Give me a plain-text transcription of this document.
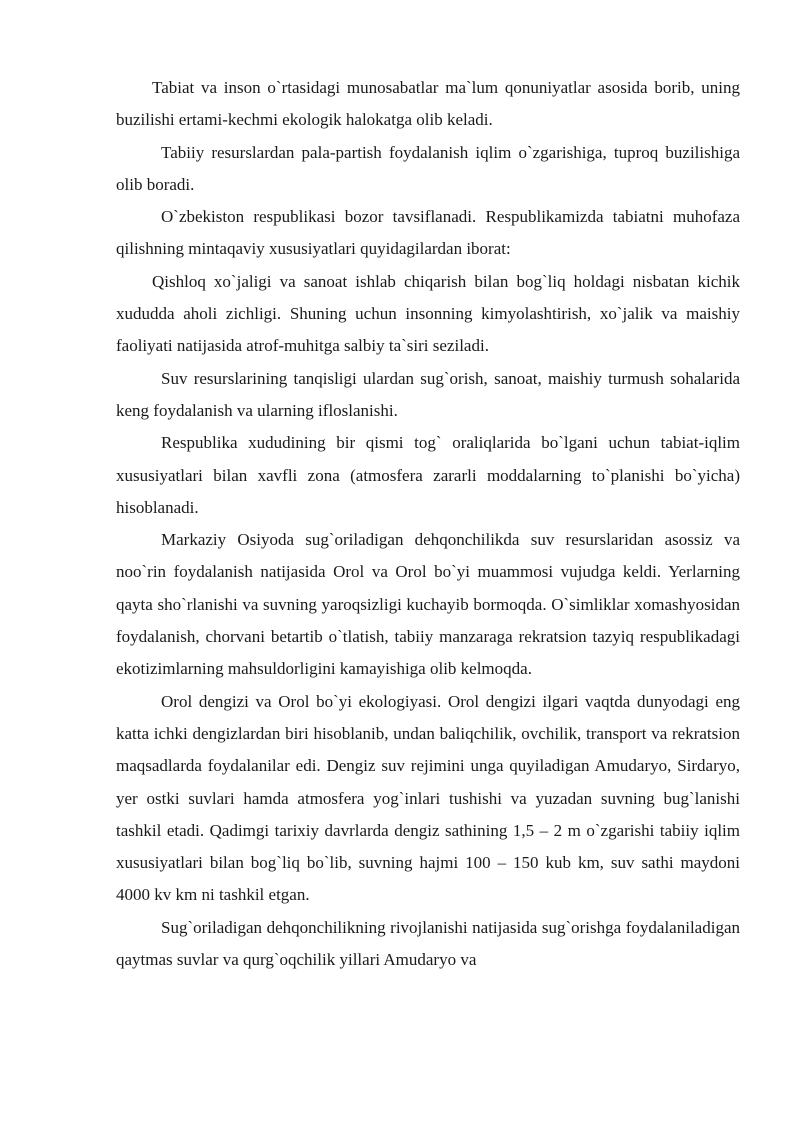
Tabiat va inson o`rtasidagi munosabatlar ma`lum qonuniyatlar asosida borib, uning buzilishi ertami-kechmi ekologik halokatga olib keladi.

Tabiiy resurslardan pala-partish foydalanish iqlim o`zgarishiga, tuproq buzilishiga olib boradi.

O`zbekiston respublikasi bozor tavsiflanadi. Respublikamizda tabiatni muhofaza qilishning mintaqaviy xususiyatlari quyidagilardan iborat:

Qishloq xo`jaligi va sanoat ishlab chiqarish bilan bog`liq holdagi nisbatan kichik xududda aholi zichligi. Shuning uchun insonning kimyolashtirish, xo`jalik va maishiy faoliyati natijasida atrof-muhitga salbiy ta`siri seziladi.

Suv resurslarining tanqisligi ulardan sug`orish, sanoat, maishiy turmush sohalarida keng foydalanish va ularning ifloslanishi.

Respublika xududining bir qismi tog` oraliqlarida bo`lgani uchun tabiat-iqlim xususiyatlari bilan xavfli zona (atmosfera zararli moddalarning to`planishi bo`yicha) hisoblanadi.

Markaziy Osiyoda sug`oriladigan dehqonchilikda suv resurslaridan asossiz va noo`rin foydalanish natijasida Orol va Orol bo`yi muammosi vujudga keldi. Yerlarning qayta sho`rlanishi va suvning yaroqsizligi kuchayib bormoqda. O`simliklar xomashyosidan foydalanish, chorvani betartib o`tlatish, tabiiy manzaraga rekratsion tazyiq respublikadagi ekotizimlarning mahsuldorligini kamayishiga olib kelmoqda.

Orol dengizi va Orol bo`yi ekologiyasi. Orol dengizi ilgari vaqtda dunyodagi eng katta ichki dengizlardan biri hisoblanib, undan baliqchilik, ovchilik, transport va rekratsion maqsadlarda foydalanilar edi. Dengiz suv rejimini unga quyiladigan Amudaryo, Sirdaryo, yer ostki suvlari hamda atmosfera yog`inlari tushishi va yuzadan suvning bug`lanishi tashkil etadi. Qadimgi tarixiy davrlarda dengiz sathining 1,5 – 2 m o`zgarishi tabiiy iqlim xususiyatlari bilan bog`liq bo`lib, suvning hajmi 100 – 150 kub km, suv sathi maydoni 4000 kv km ni tashkil etgan.

Sug`oriladigan dehqonchilikning rivojlanishi natijasida sug`orishga foydalaniladigan qaytmas suvlar va qurg`oqchilik yillari Amudaryo va
